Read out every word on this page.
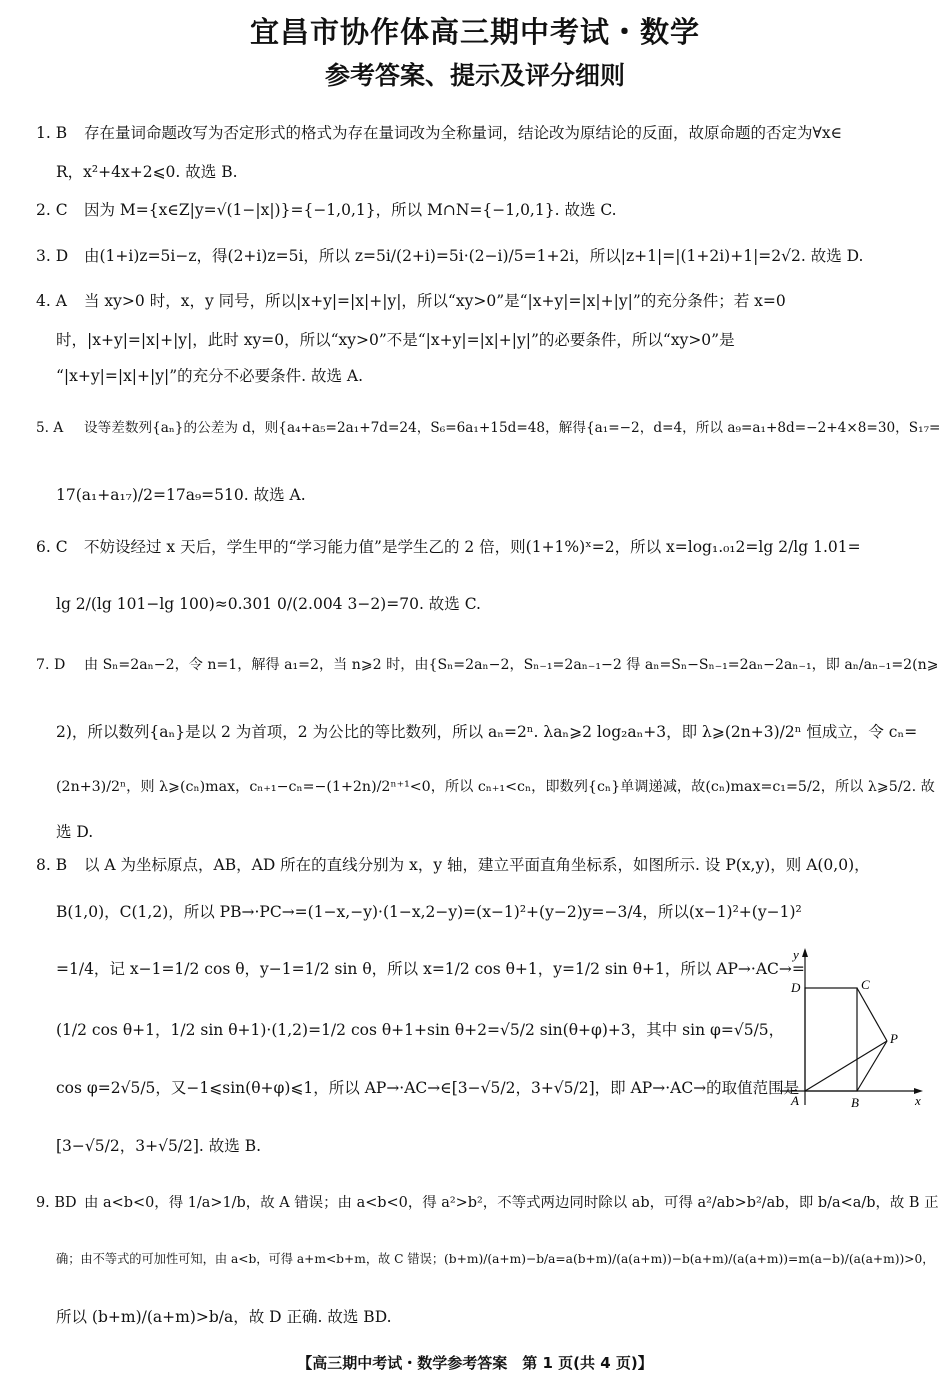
宜昌市协作体高三期中考试・数学
参考答案、提示及评分细则
1. B 存在量词命题改写为否定形式的格式为存在量词改为全称量词，结论改为原结论的反面，故原命题的否定为∀x∈
R，x²+4x+2⩽0. 故选 B.
2. C 因为 M={x∈Z|y=√(1−|x|)}={−1,0,1}，所以 M∩N={−1,0,1}. 故选 C.
3. D 由(1+i)z=5i−z，得(2+i)z=5i，所以 z=5i/(2+i)=5i·(2−i)/5=1+2i，所以|z+1|=|(1+2i)+1|=2√2. 故选 D.
4. A 当 xy>0 时，x，y 同号，所以|x+y|=|x|+|y|，所以“xy>0”是“|x+y|=|x|+|y|”的充分条件；若 x=0
时，|x+y|=|x|+|y|，此时 xy=0，所以“xy>0”不是“|x+y|=|x|+|y|”的必要条件，所以“xy>0”是
“|x+y|=|x|+|y|”的充分不必要条件. 故选 A.
5. A 设等差数列{aₙ}的公差为 d，则{a₄+a₅=2a₁+7d=24，S₆=6a₁+15d=48，解得{a₁=−2，d=4，所以 a₉=a₁+8d=−2+4×8=30，S₁₇=
17(a₁+a₁₇)/2=17a₉=510. 故选 A.
6. C 不妨设经过 x 天后，学生甲的“学习能力值”是学生乙的 2 倍，则(1+1%)ˣ=2，所以 x=log₁.₀₁2=lg 2/lg 1.01=
lg 2/(lg 101−lg 100)≈0.301 0/(2.004 3−2)=70. 故选 C.
7. D 由 Sₙ=2aₙ−2，令 n=1，解得 a₁=2，当 n⩾2 时，由{Sₙ=2aₙ−2，Sₙ₋₁=2aₙ₋₁−2 得 aₙ=Sₙ−Sₙ₋₁=2aₙ−2aₙ₋₁，即 aₙ/aₙ₋₁=2(n⩾
2)，所以数列{aₙ}是以 2 为首项，2 为公比的等比数列，所以 aₙ=2ⁿ. λaₙ⩾2 log₂aₙ+3，即 λ⩾(2n+3)/2ⁿ 恒成立，令 cₙ=
(2n+3)/2ⁿ，则 λ⩾(cₙ)max，cₙ₊₁−cₙ=−(1+2n)/2ⁿ⁺¹<0，所以 cₙ₊₁<cₙ，即数列{cₙ}单调递减，故(cₙ)max=c₁=5/2，所以 λ⩾5/2. 故
选 D.
8. B 以 A 为坐标原点，AB，AD 所在的直线分别为 x，y 轴，建立平面直角坐标系，如图所示. 设 P(x,y)，则 A(0,0)，
B(1,0)，C(1,2)，所以 PB→·PC→=(1−x,−y)·(1−x,2−y)=(x−1)²+(y−2)y=−3/4，所以(x−1)²+(y−1)²
=1/4，记 x−1=1/2 cos θ，y−1=1/2 sin θ，所以 x=1/2 cos θ+1，y=1/2 sin θ+1，所以 AP→·AC→=
(1/2 cos θ+1，1/2 sin θ+1)·(1,2)=1/2 cos θ+1+sin θ+2=√5/2 sin(θ+φ)+3，其中 sin φ=√5/5，
cos φ=2√5/5，又−1⩽sin(θ+φ)⩽1，所以 AP→·AC→∈[3−√5/2，3+√5/2]，即 AP→·AC→的取值范围是
[3−√5/2，3+√5/2]. 故选 B.
y
x
D	C
P
A	B
9. BD 由 a<b<0，得 1/a>1/b，故 A 错误；由 a<b<0，得 a²>b²，不等式两边同时除以 ab，可得 a²/ab>b²/ab，即 b/a<a/b，故 B 正
确；由不等式的可加性可知，由 a<b，可得 a+m<b+m，故 C 错误；(b+m)/(a+m)−b/a=a(b+m)/(a(a+m))−b(a+m)/(a(a+m))=m(a−b)/(a(a+m))>0，
所以 (b+m)/(a+m)>b/a，故 D 正确. 故选 BD.
【高三期中考试・数学参考答案　第 1 页(共 4 页)】
